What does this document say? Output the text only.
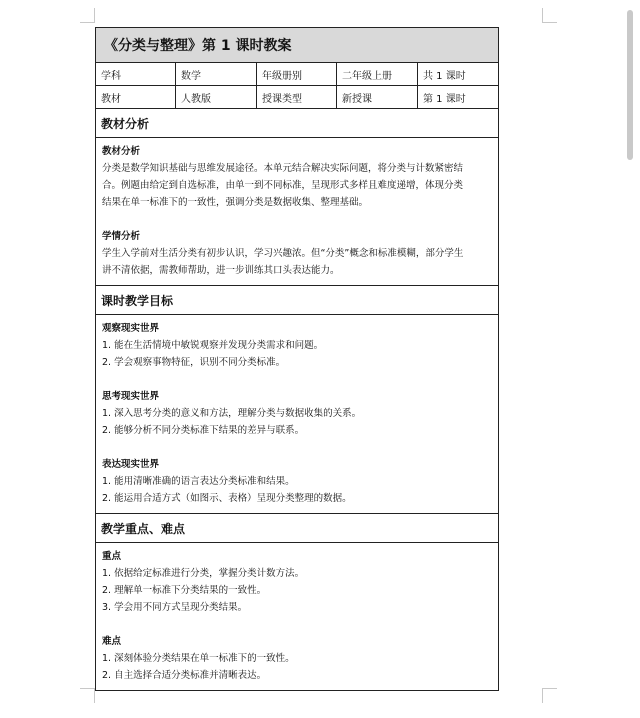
《分类与整理》第 1 课时教案
学科	数学	年级册别	二年级上册	共 1 课时
教材	人教版	授课类型	新授课	第 1 课时
教材分析
教材分析
分类是数学知识基础与思维发展途径。本单元结合解决实际问题，将分类与计数紧密结
合。例题由给定到自选标准，由单一到不同标准，呈现形式多样且难度递增，体现分类
结果在单一标准下的一致性，强调分类是数据收集、整理基础。
学情分析
学生入学前对生活分类有初步认识，学习兴趣浓。但“分类”概念和标准模糊，部分学生
讲不清依据，需教师帮助，进一步训练其口头表达能力。
课时教学目标
观察现实世界
1. 能在生活情境中敏锐观察并发现分类需求和问题。
2. 学会观察事物特征，识别不同分类标准。
思考现实世界
1. 深入思考分类的意义和方法，理解分类与数据收集的关系。
2. 能够分析不同分类标准下结果的差异与联系。
表达现实世界
1. 能用清晰准确的语言表达分类标准和结果。
2. 能运用合适方式（如图示、表格）呈现分类整理的数据。
教学重点、难点
重点
1. 依据给定标准进行分类，掌握分类计数方法。
2. 理解单一标准下分类结果的一致性。
3. 学会用不同方式呈现分类结果。
难点
1. 深刻体验分类结果在单一标准下的一致性。
2. 自主选择合适分类标准并清晰表达。
